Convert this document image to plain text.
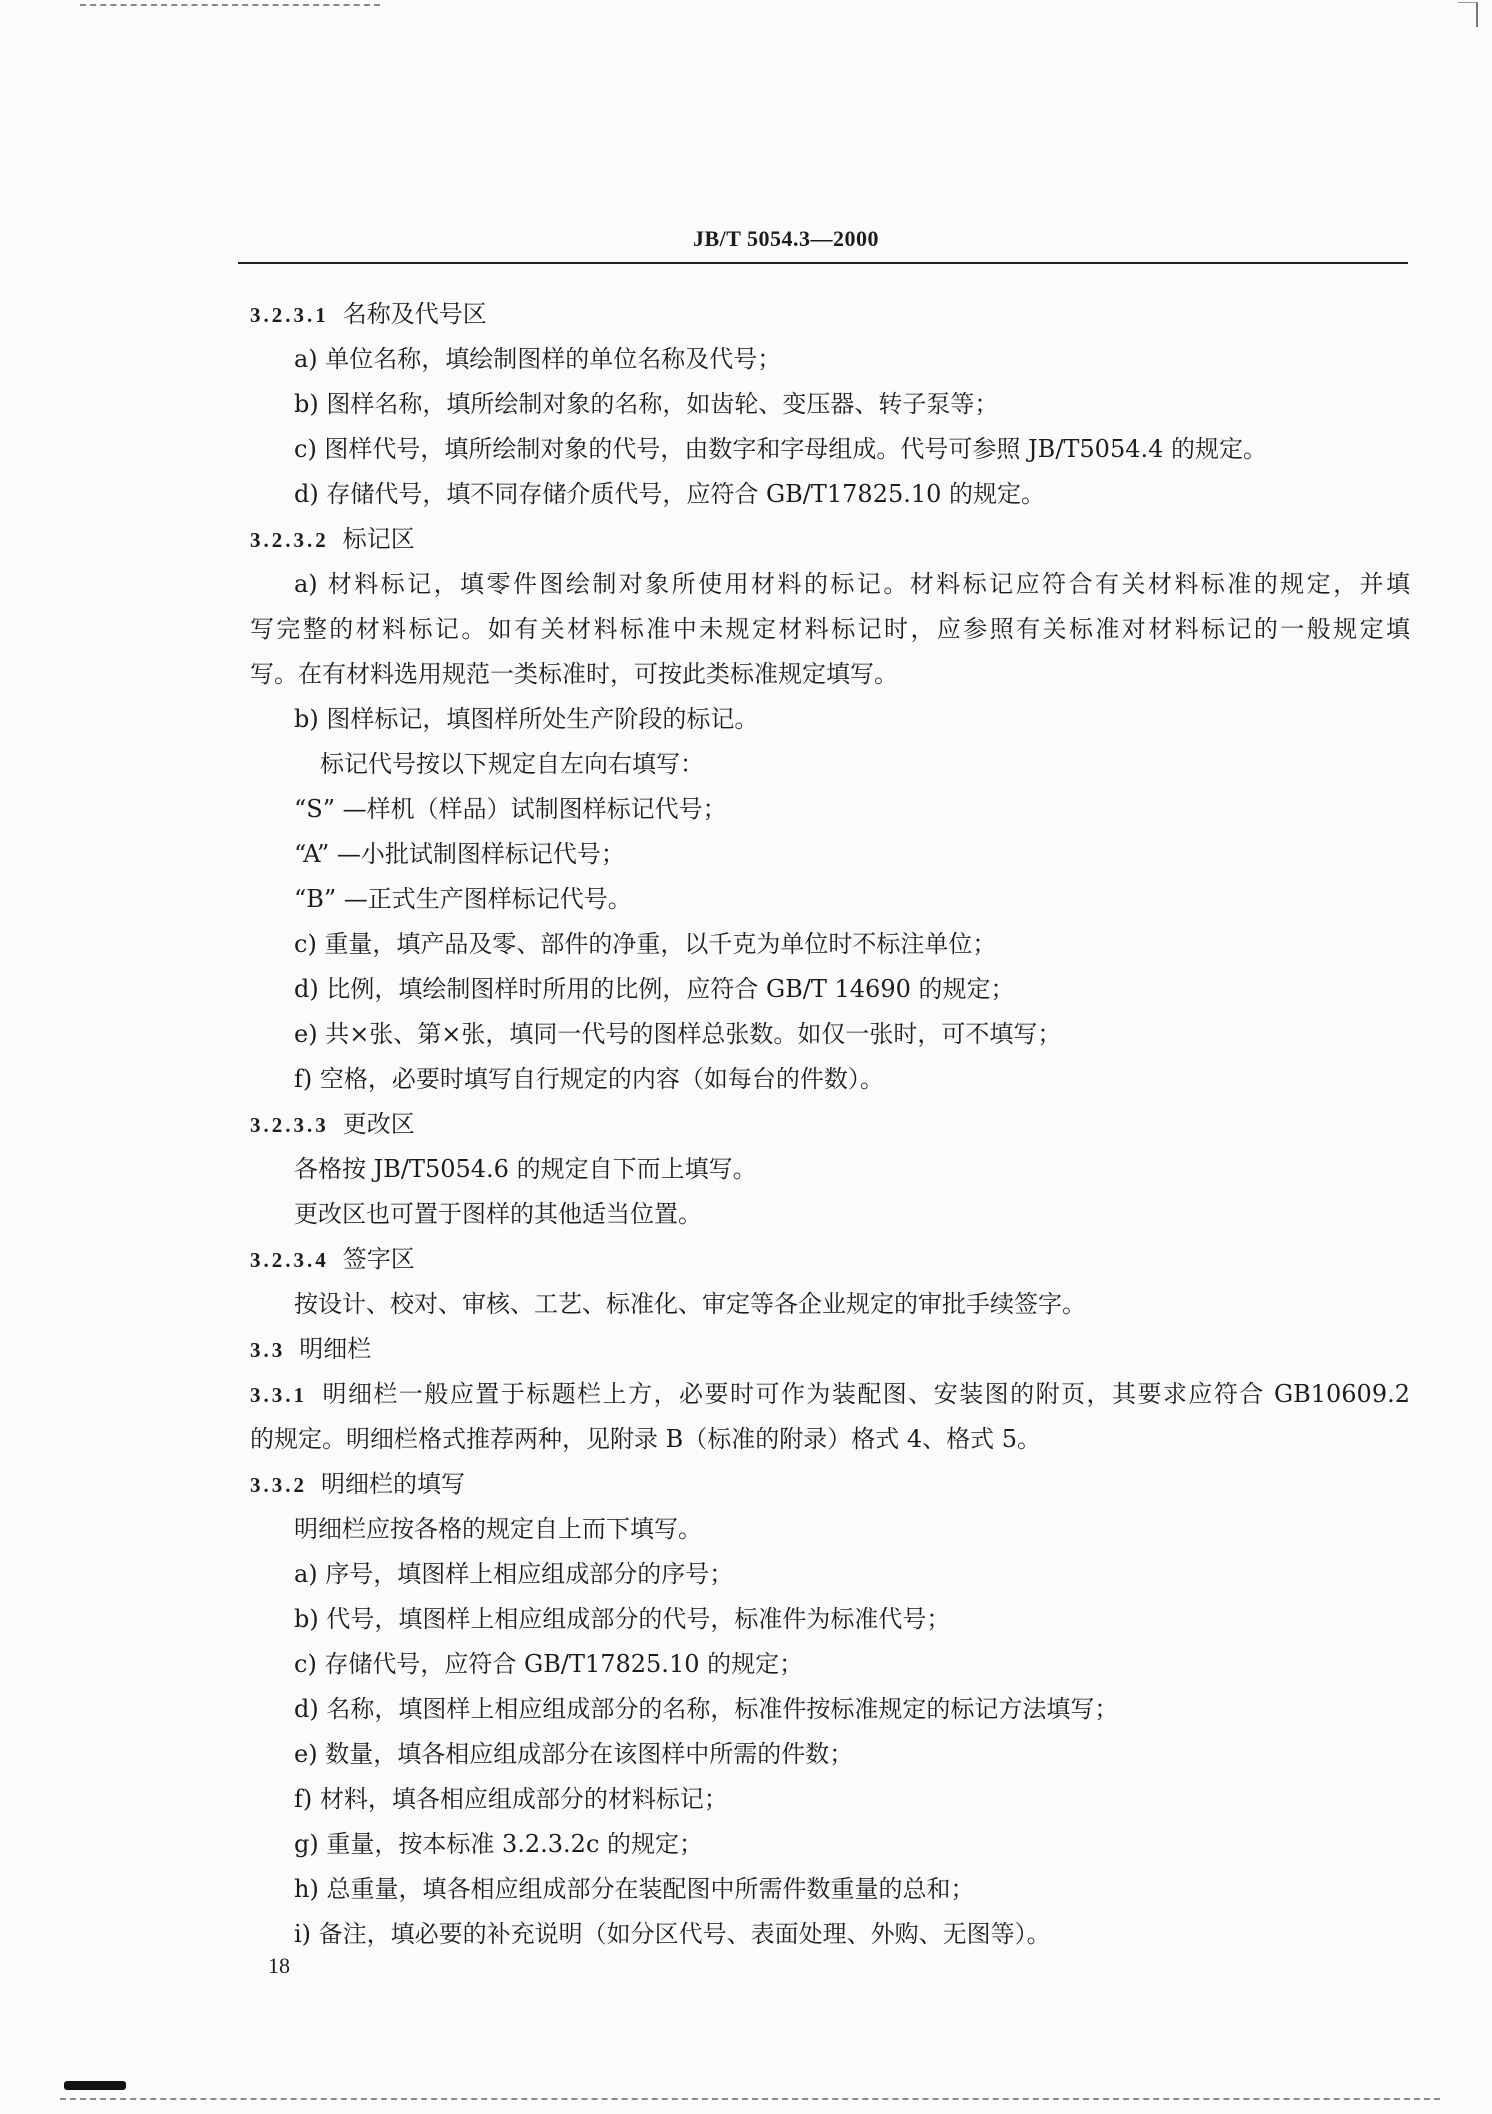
JB/T 5054.3—2000
3.2.3.1 名称及代号区
a) 单位名称，填绘制图样的单位名称及代号；
b) 图样名称，填所绘制对象的名称，如齿轮、变压器、转子泵等；
c) 图样代号，填所绘制对象的代号，由数字和字母组成。代号可参照 JB/T5054.4 的规定。
d) 存储代号，填不同存储介质代号，应符合 GB/T17825.10 的规定。
3.2.3.2 标记区
a) 材料标记，填零件图绘制对象所使用材料的标记。材料标记应符合有关材料标准的规定，并填
写完整的材料标记。如有关材料标准中未规定材料标记时，应参照有关标准对材料标记的一般规定填
写。在有材料选用规范一类标准时，可按此类标准规定填写。
b) 图样标记，填图样所处生产阶段的标记。
标记代号按以下规定自左向右填写：
“S” —样机（样品）试制图样标记代号；
“A” —小批试制图样标记代号；
“B” —正式生产图样标记代号。
c) 重量，填产品及零、部件的净重，以千克为单位时不标注单位；
d) 比例，填绘制图样时所用的比例，应符合 GB/T 14690 的规定；
e) 共×张、第×张，填同一代号的图样总张数。如仅一张时，可不填写；
f) 空格，必要时填写自行规定的内容（如每台的件数）。
3.2.3.3 更改区
各格按 JB/T5054.6 的规定自下而上填写。
更改区也可置于图样的其他适当位置。
3.2.3.4 签字区
按设计、校对、审核、工艺、标准化、审定等各企业规定的审批手续签字。
3.3 明细栏
3.3.1 明细栏一般应置于标题栏上方，必要时可作为装配图、安装图的附页，其要求应符合 GB10609.2
的规定。明细栏格式推荐两种，见附录 B（标准的附录）格式 4、格式 5。
3.3.2 明细栏的填写
明细栏应按各格的规定自上而下填写。
a) 序号，填图样上相应组成部分的序号；
b) 代号，填图样上相应组成部分的代号，标准件为标准代号；
c) 存储代号，应符合 GB/T17825.10 的规定；
d) 名称，填图样上相应组成部分的名称，标准件按标准规定的标记方法填写；
e) 数量，填各相应组成部分在该图样中所需的件数；
f) 材料，填各相应组成部分的材料标记；
g) 重量，按本标准 3.2.3.2c 的规定；
h) 总重量，填各相应组成部分在装配图中所需件数重量的总和；
i) 备注，填必要的补充说明（如分区代号、表面处理、外购、无图等）。
18
